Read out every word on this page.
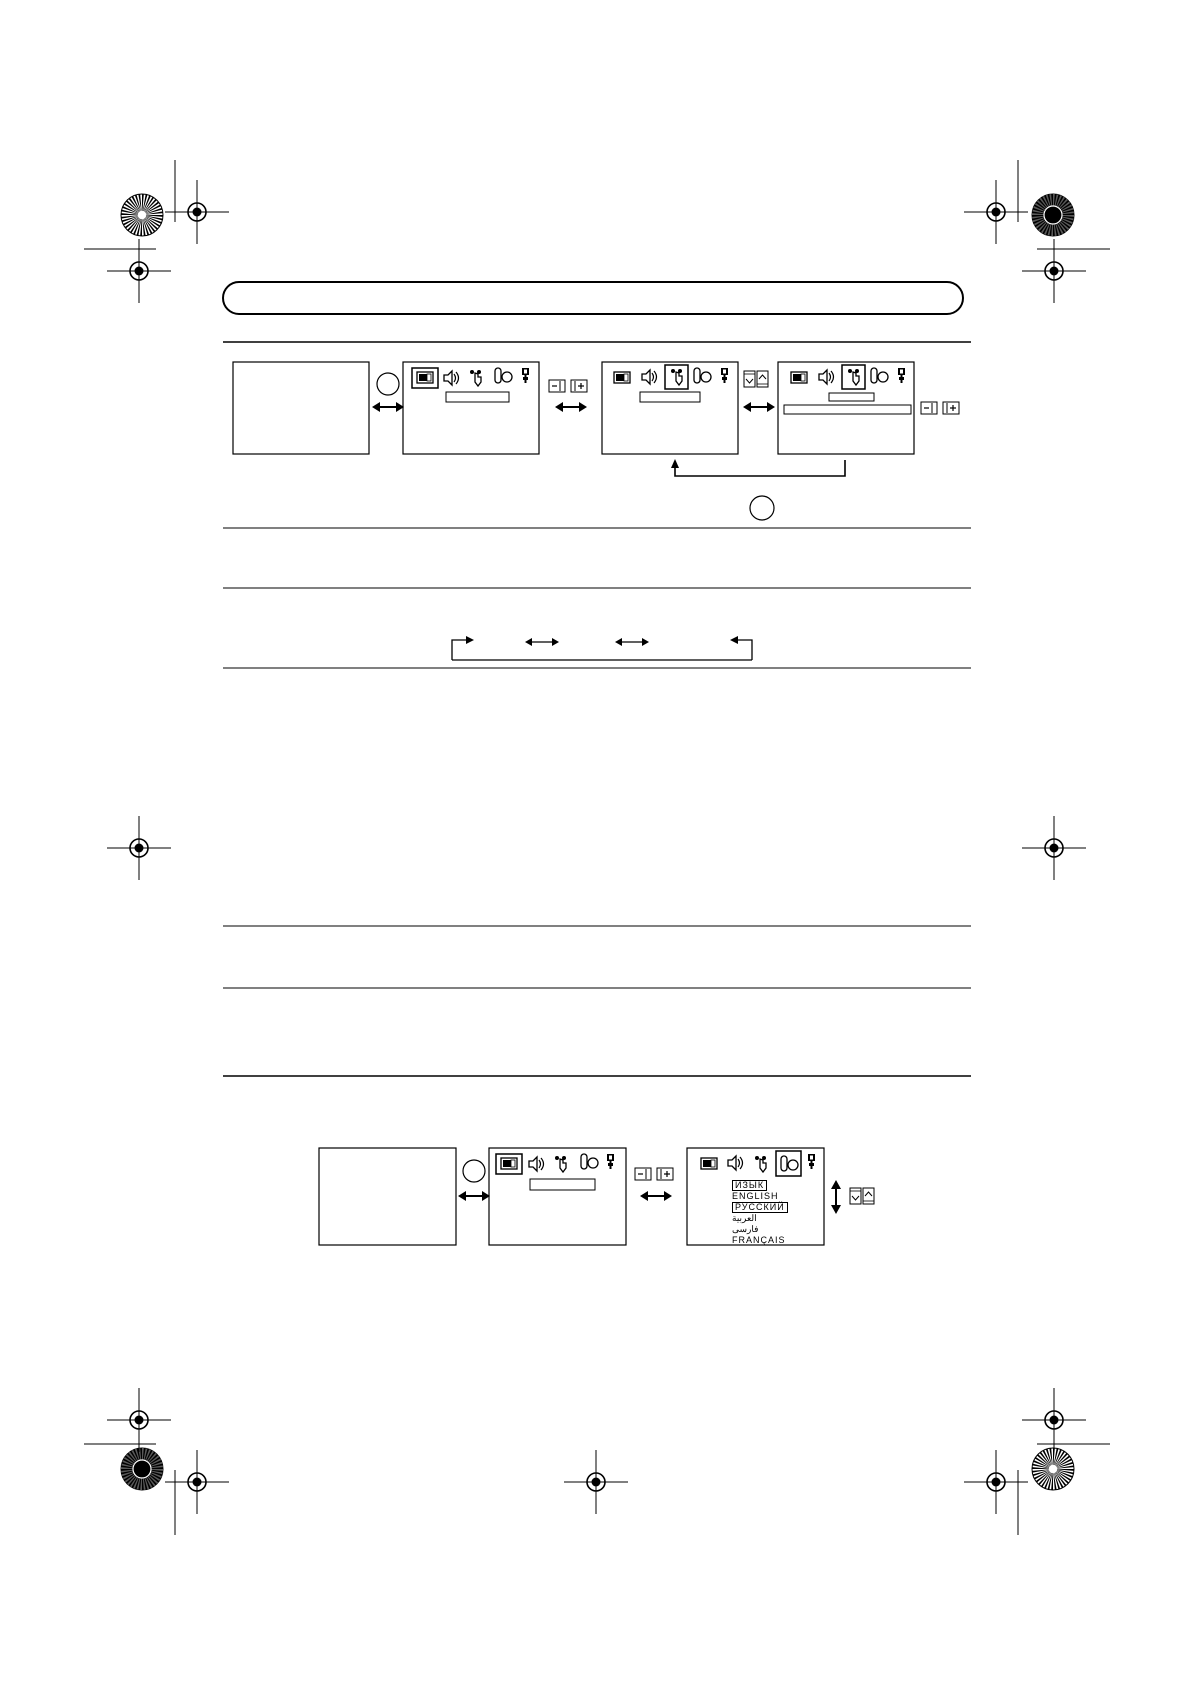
ИЗЫК
ENGLISH
РУССКИЙ
العربية
فارسی
FRANÇAIS
